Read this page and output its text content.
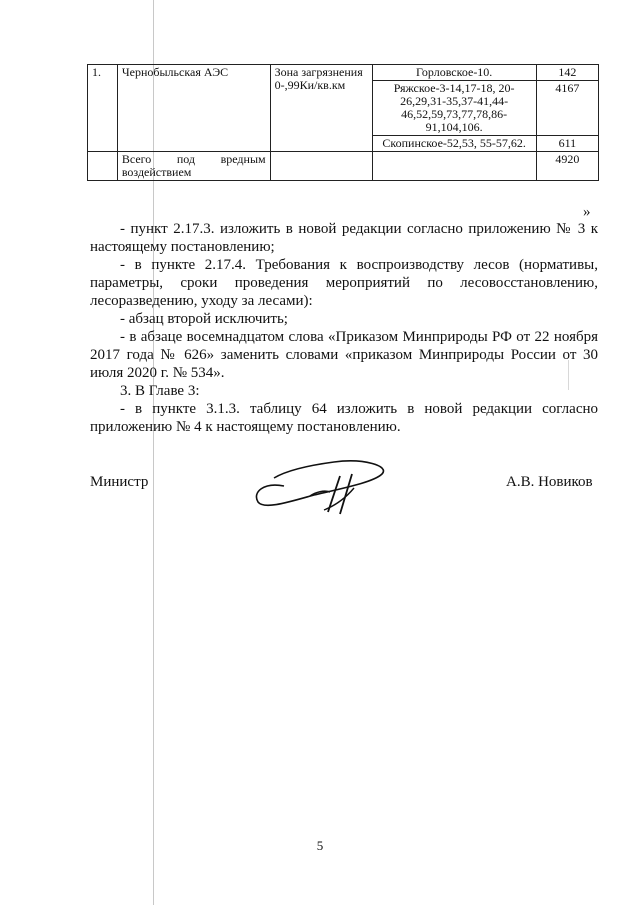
1.	Чернобыльская АЭС	Зона загрязнения 0-,99Ки/кв.км	Горловское-10.	142
			Ряжское-3-14,17-18, 20-26,29,31-35,37-41,44-46,52,59,73,77,78,86-91,104,106.	4167
			Скопинское-52,53, 55-57,62.	611
	Всего под вредным воздействием			4920
»

- пункт 2.17.3. изложить в новой редакции согласно приложению № 3 к настоящему постановлению;

- в пункте 2.17.4. Требования к воспроизводству лесов (нормативы, параметры, сроки проведения мероприятий по лесовосстановлению, лесоразведению, уходу за лесами):

- абзац второй исключить;

- в абзаце восемнадцатом слова «Приказом Минприроды РФ от 22 ноября 2017 года № 626» заменить словами «приказом Минприроды России от 30 июля 2020 г. № 534».

3. В Главе 3:

- в пункте 3.1.3. таблицу 64 изложить в новой редакции согласно приложению № 4 к настоящему постановлению.

Министр	А.В. Новиков
5
